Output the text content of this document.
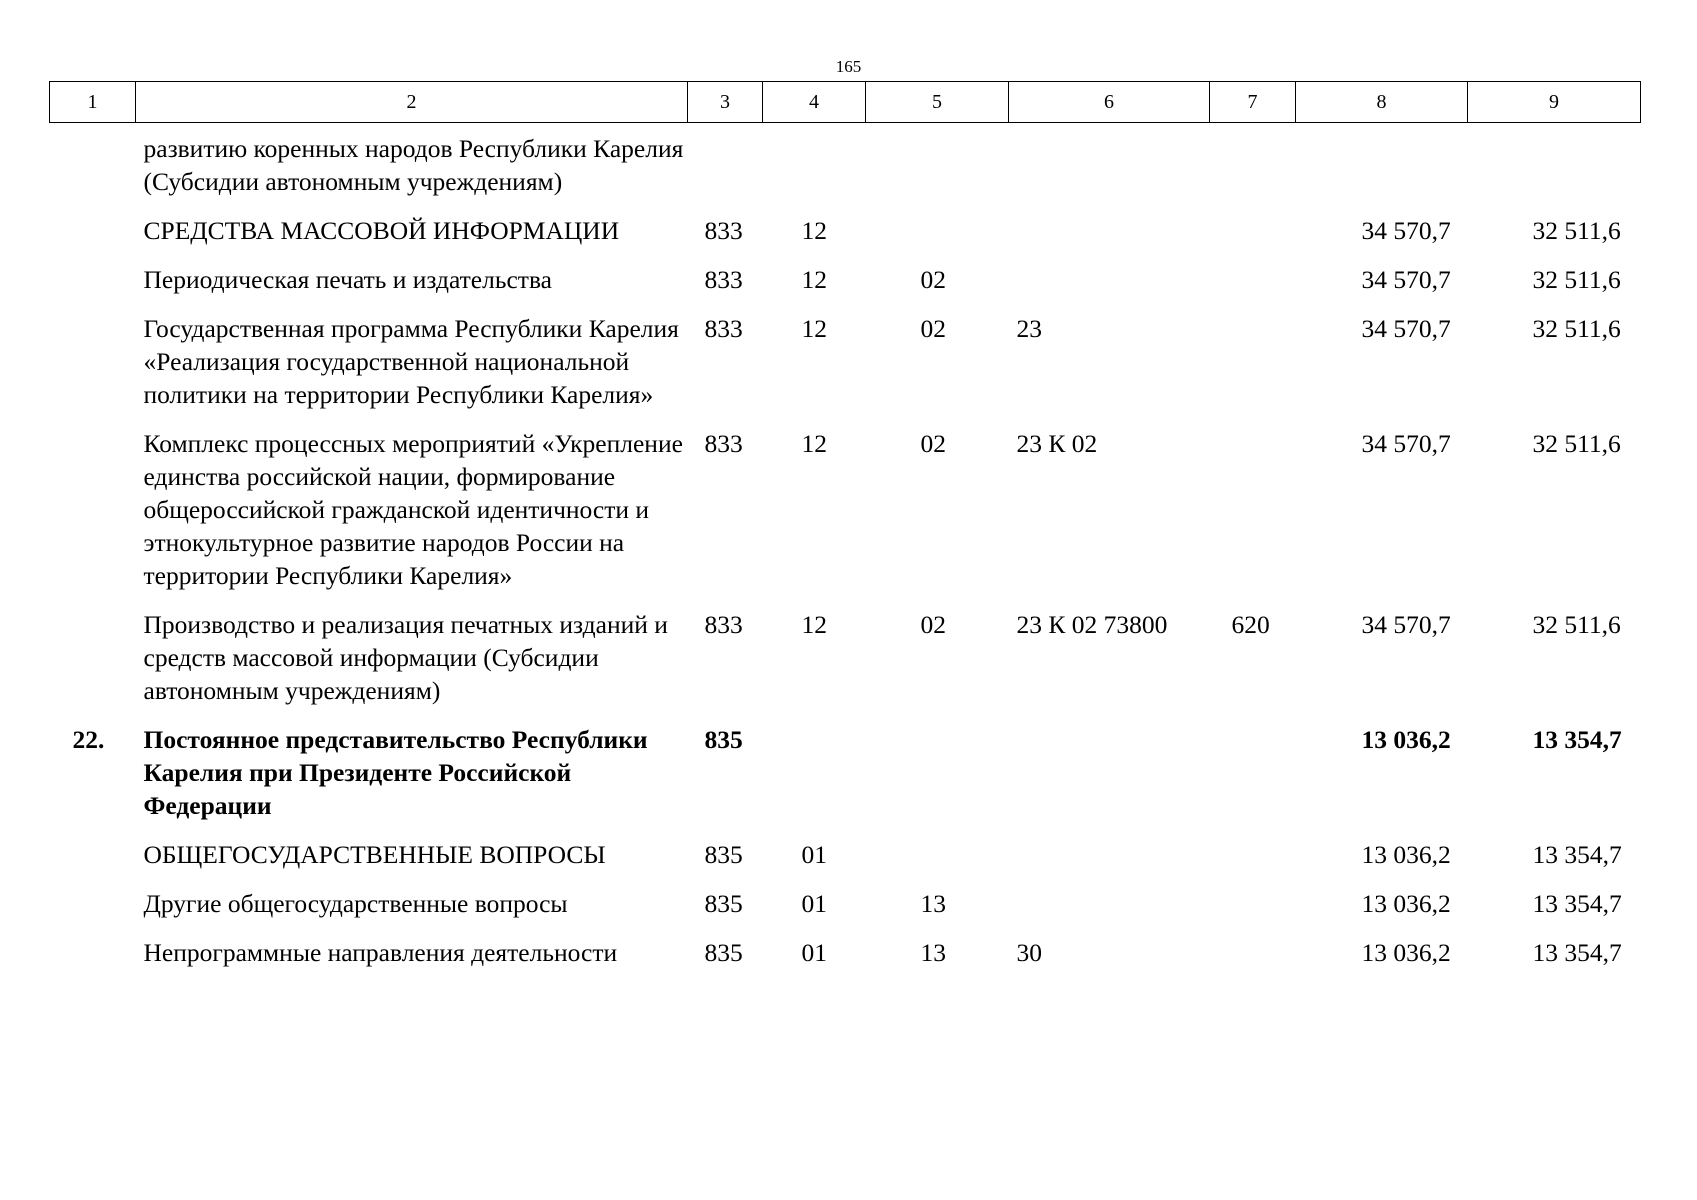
165
1	2	3	4	5	6	7	8	9
	развитию коренных народов Республики Карелия (Субсидии автономным учреждениям)							
	СРЕДСТВА МАССОВОЙ ИНФОРМАЦИИ	833	12				34 570,7	32 511,6
	Периодическая печать и издательства	833	12	02			34 570,7	32 511,6
	Государственная программа Республики Карелия «Реализация государственной национальной политики на территории Республики Карелия»	833	12	02	23		34 570,7	32 511,6
	Комплекс процессных мероприятий «Укрепление единства российской нации, формирование общероссийской гражданской идентичности и этнокультурное развитие народов России на территории Республики Карелия»	833	12	02	23 К 02		34 570,7	32 511,6
	Производство и реализация печатных изданий и средств массовой информации (Субсидии автономным учреждениям)	833	12	02	23 К 02 73800	620	34 570,7	32 511,6
22.	Постоянное представительство Республики Карелия при Президенте Российской Федерации	835					13 036,2	13 354,7
	ОБЩЕГОСУДАРСТВЕННЫЕ ВОПРОСЫ	835	01				13 036,2	13 354,7
	Другие общегосударственные вопросы	835	01	13			13 036,2	13 354,7
	Непрограммные направления деятельности	835	01	13	30		13 036,2	13 354,7
